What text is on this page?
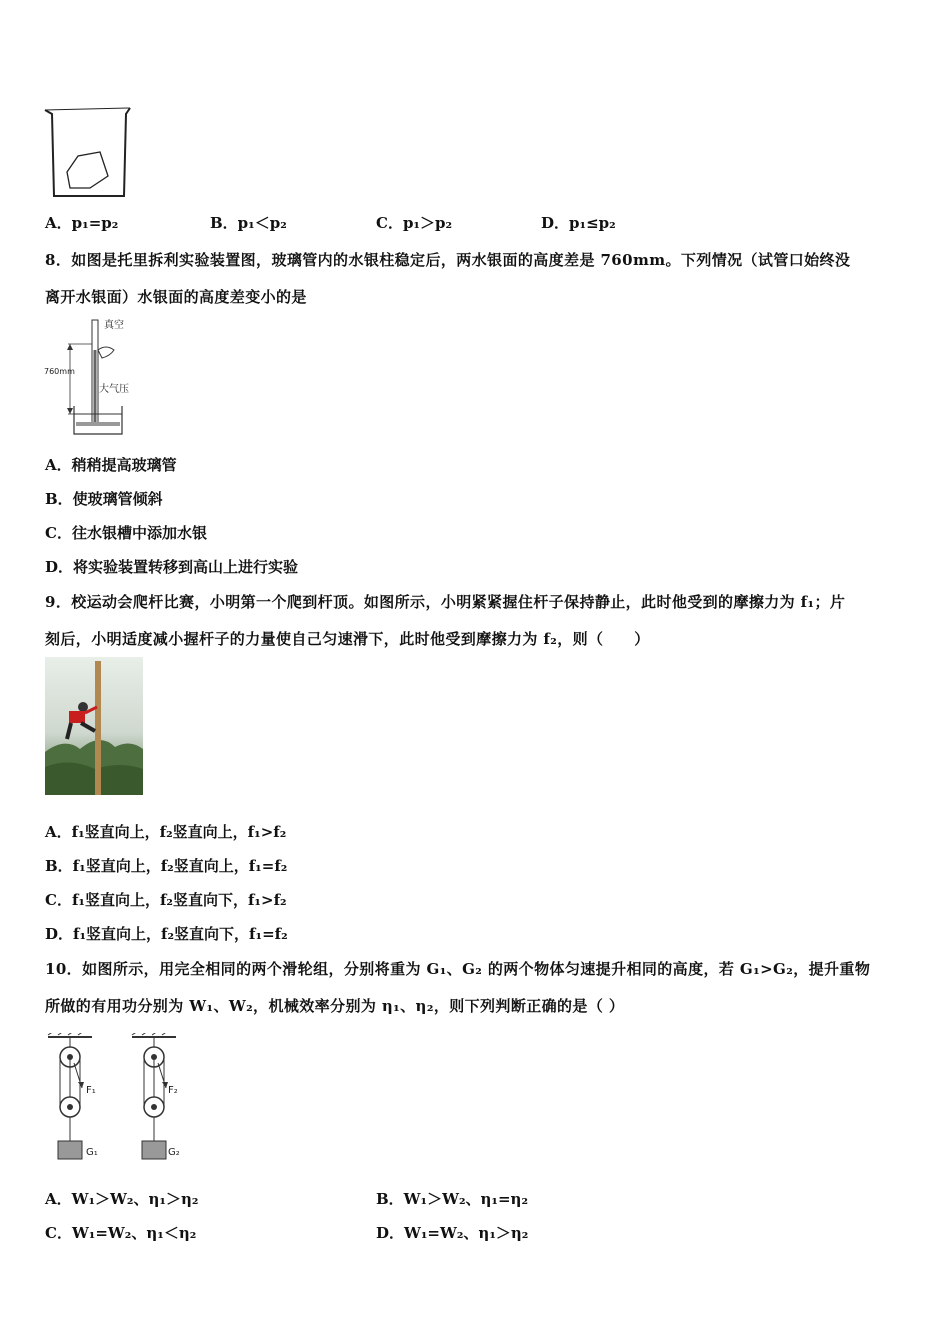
A．p₁=p₂	B．p₁＜p₂	C．p₁＞p₂	D．p₁≤p₂
8．如图是托里拆利实验装置图，玻璃管内的水银柱稳定后，两水银面的高度差是 760mm。下列情况（试管口始终没
离开水银面）水银面的高度差变小的是
真空
760mm
大气压
A．稍稍提高玻璃管
B．使玻璃管倾斜
C．往水银槽中添加水银
D．将实验装置转移到高山上进行实验
9．校运动会爬杆比赛，小明第一个爬到杆顶。如图所示，小明紧紧握住杆子保持静止，此时他受到的摩擦力为 f₁；片
刻后，小明适度减小握杆子的力量使自己匀速滑下，此时他受到摩擦力为 f₂，则（　　）
A．f₁竖直向上，f₂竖直向上，f₁>f₂
B．f₁竖直向上，f₂竖直向上，f₁=f₂
C．f₁竖直向上，f₂竖直向下，f₁>f₂
D．f₁竖直向上，f₂竖直向下，f₁=f₂
10．如图所示，用完全相同的两个滑轮组，分别将重为 G₁、G₂ 的两个物体匀速提升相同的高度，若 G₁>G₂，提升重物
所做的有用功分别为 W₁、W₂，机械效率分别为 η₁、η₂，则下列判断正确的是（ ）
F₁
G₁
F₂
G₂
A．W₁＞W₂、η₁＞η₂	B．W₁＞W₂、η₁=η₂
C．W₁=W₂、η₁＜η₂	D．W₁=W₂、η₁＞η₂
